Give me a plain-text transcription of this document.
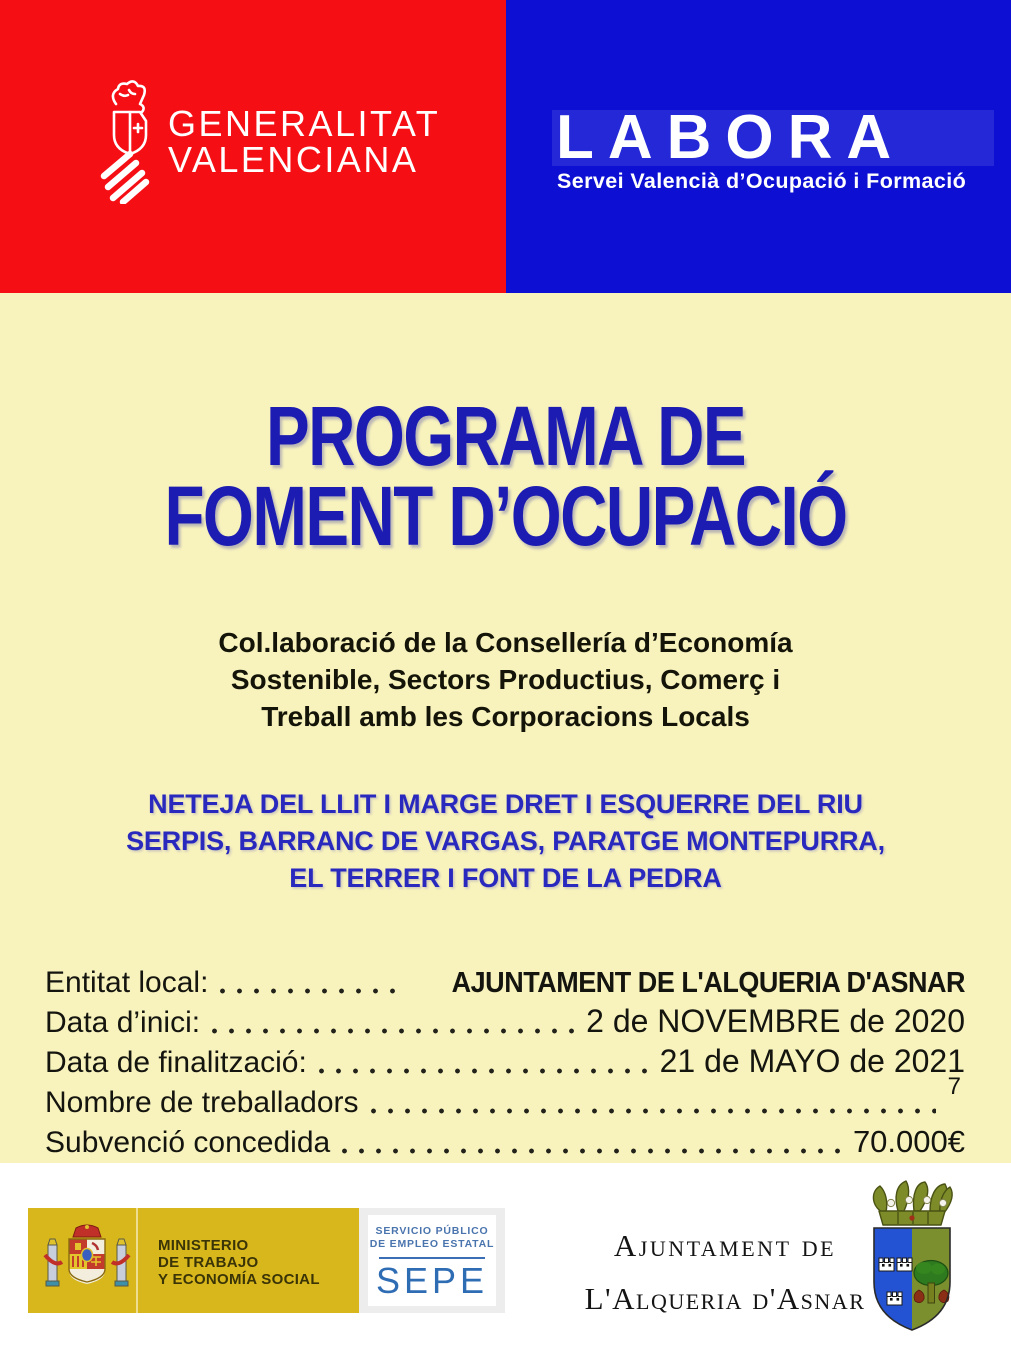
GENERALITAT
VALENCIANA	LABORA
Servei Valencià d’Ocupació i Formació
PROGRAMA DE
FOMENT D’OCUPACIÓ
Col.laboració de la Consellería d’Economía
Sostenible, Sectors Productius, Comerç i
Treball amb les Corporacions Locals
NETEJA DEL LLIT I MARGE DRET I ESQUERRE DEL RIU
SERPIS, BARRANC DE VARGAS, PARATGE MONTEPURRA,
EL TERRER I FONT DE LA PEDRA
Entitat local:	AJUNTAMENT DE L'ALQUERIA D'ASNAR
Data d’inici:	2 de NOVEMBRE de 2020
Data de finalització:	21 de MAYO de 2021
Nombre de treballadors	7
Subvenció concedida	70.000€
MINISTERIO
DE TRABAJO
Y ECONOMÍA SOCIAL
SERVICIO PÚBLICO
DE EMPLEO ESTATAL
SEPE
Ajuntament de
L'Alqueria d'Asnar
